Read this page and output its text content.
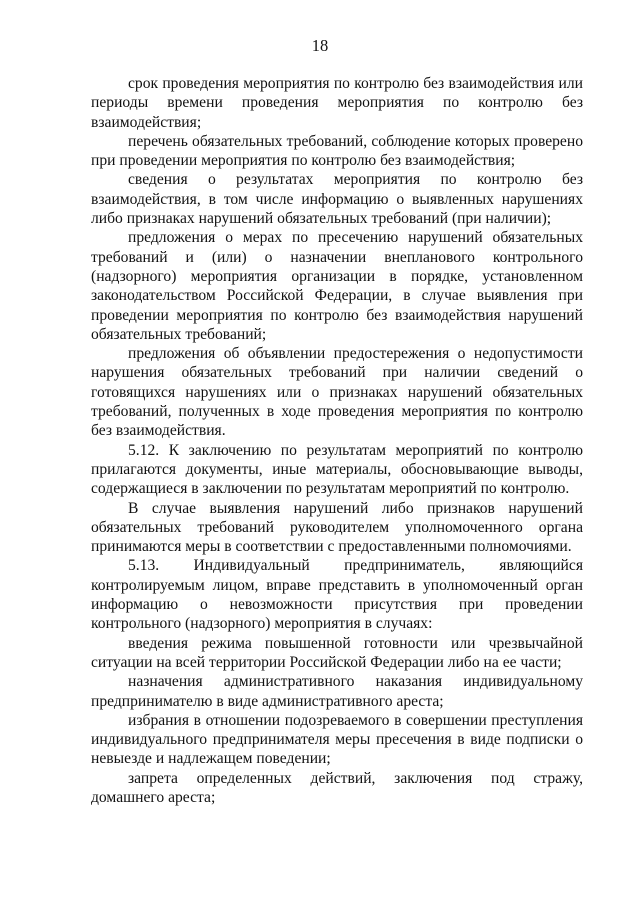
18

срок проведения мероприятия по контролю без взаимодействия или периоды времени проведения мероприятия по контролю без взаимодействия;

перечень обязательных требований, соблюдение которых проверено при проведении мероприятия по контролю без взаимодействия;

сведения о результатах мероприятия по контролю без взаимодействия, в том числе информацию о выявленных нарушениях либо признаках нарушений обязательных требований (при наличии);

предложения о мерах по пресечению нарушений обязательных требований и (или) о назначении внепланового контрольного (надзорного) мероприятия организации в порядке, установленном законодательством Российской Федерации, в случае выявления при проведении мероприятия по контролю без взаимодействия нарушений обязательных требований;

предложения об объявлении предостережения о недопустимости нарушения обязательных требований при наличии сведений о готовящихся нарушениях или о признаках нарушений обязательных требований, полученных в ходе проведения мероприятия по контролю без взаимодействия.

5.12. К заключению по результатам мероприятий по контролю прилагаются документы, иные материалы, обосновывающие выводы, содержащиеся в заключении по результатам мероприятий по контролю.

В случае выявления нарушений либо признаков нарушений обязательных требований руководителем уполномоченного органа принимаются меры в соответствии с предоставленными полномочиями.

5.13. Индивидуальный предприниматель, являющийся контролируемым лицом, вправе представить в уполномоченный орган информацию о невозможности присутствия при проведении контрольного (надзорного) мероприятия в случаях:

введения режима повышенной готовности или чрезвычайной ситуации на всей территории Российской Федерации либо на ее части;

назначения административного наказания индивидуальному предпринимателю в виде административного ареста;

избрания в отношении подозреваемого в совершении преступления индивидуального предпринимателя меры пресечения в виде подписки о невыезде и надлежащем поведении;

запрета определенных действий, заключения под стражу, домашнего ареста;
